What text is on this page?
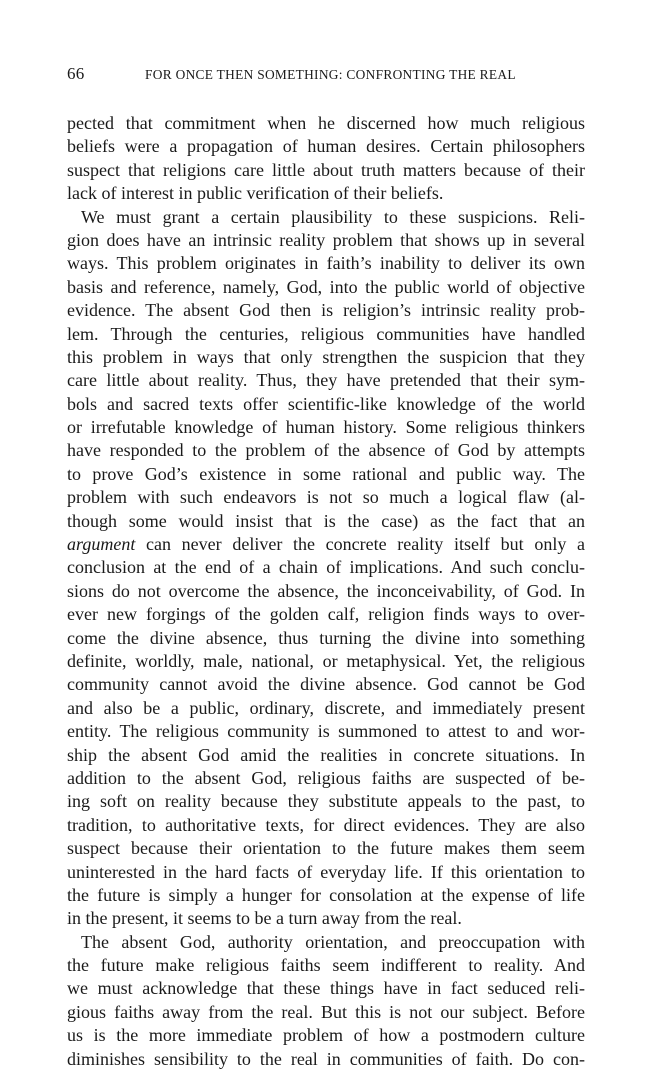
66	FOR ONCE THEN SOMETHING: CONFRONTING THE REAL
pected that commitment when he discerned how much religious
beliefs were a propagation of human desires. Certain philosophers
suspect that religions care little about truth matters because of their
lack of interest in public verification of their beliefs.
We must grant a certain plausibility to these suspicions. Reli-
gion does have an intrinsic reality problem that shows up in several
ways. This problem originates in faith’s inability to deliver its own
basis and reference, namely, God, into the public world of objective
evidence. The absent God then is religion’s intrinsic reality prob-
lem. Through the centuries, religious communities have handled
this problem in ways that only strengthen the suspicion that they
care little about reality. Thus, they have pretended that their sym-
bols and sacred texts offer scientific-like knowledge of the world
or irrefutable knowledge of human history. Some religious thinkers
have responded to the problem of the absence of God by attempts
to prove God’s existence in some rational and public way. The
problem with such endeavors is not so much a logical flaw (al-
though some would insist that is the case) as the fact that an
argument can never deliver the concrete reality itself but only a
conclusion at the end of a chain of implications. And such conclu-
sions do not overcome the absence, the inconceivability, of God. In
ever new forgings of the golden calf, religion finds ways to over-
come the divine absence, thus turning the divine into something
definite, worldly, male, national, or metaphysical. Yet, the religious
community cannot avoid the divine absence. God cannot be God
and also be a public, ordinary, discrete, and immediately present
entity. The religious community is summoned to attest to and wor-
ship the absent God amid the realities in concrete situations. In
addition to the absent God, religious faiths are suspected of be-
ing soft on reality because they substitute appeals to the past, to
tradition, to authoritative texts, for direct evidences. They are also
suspect because their orientation to the future makes them seem
uninterested in the hard facts of everyday life. If this orientation to
the future is simply a hunger for consolation at the expense of life
in the present, it seems to be a turn away from the real.
The absent God, authority orientation, and preoccupation with
the future make religious faiths seem indifferent to reality. And
we must acknowledge that these things have in fact seduced reli-
gious faiths away from the real. But this is not our subject. Before
us is the more immediate problem of how a postmodern culture
diminishes sensibility to the real in communities of faith. Do con-
